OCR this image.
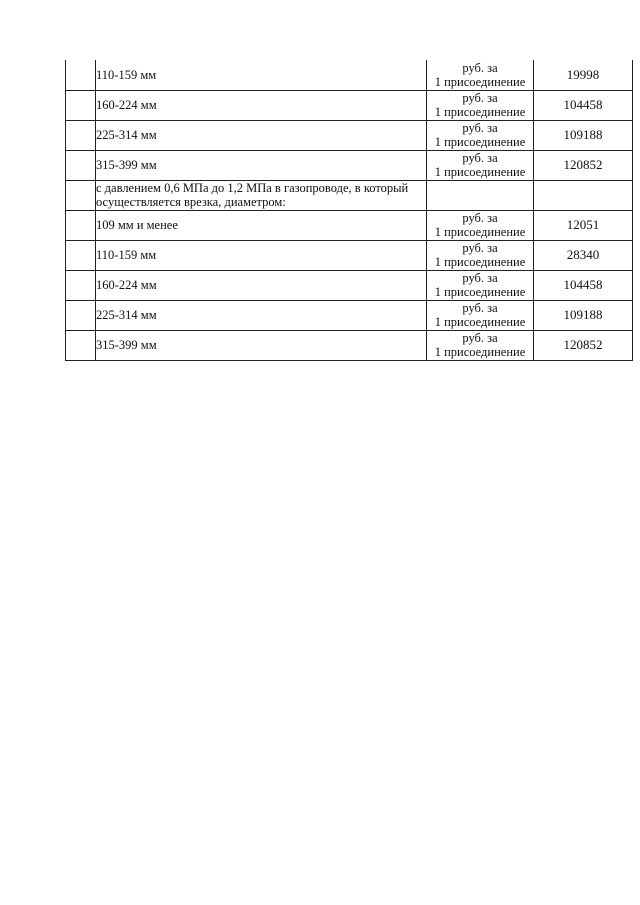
	110-159 мм	руб. за
1 присоединение	19998
	160-224 мм	руб. за
1 присоединение	104458
	225-314 мм	руб. за
1 присоединение	109188
	315-399 мм	руб. за
1 присоединение	120852
	с давлением 0,6 МПа до 1,2 МПа в газопроводе, в который осуществляется врезка, диаметром:		
	109 мм и менее	руб. за
1 присоединение	12051
	110-159 мм	руб. за
1 присоединение	28340
	160-224 мм	руб. за
1 присоединение	104458
	225-314 мм	руб. за
1 присоединение	109188
	315-399 мм	руб. за
1 присоединение	120852
